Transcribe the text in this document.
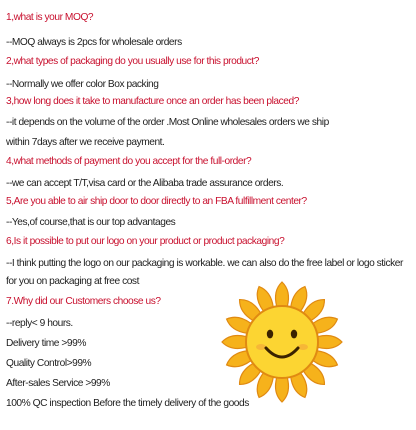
1,what is your MOQ?
--MOQ always is 2pcs for wholesale orders
2,what types of packaging do you usually use for this product?
--Normally we offer color Box packing
3,how long does it take to manufacture once an order has been placed?
--it depends on the volume of the order .Most Online wholesales orders we ship
within 7days after we receive payment.
4,what methods of payment do you accept for the full-order?
--we can accept T/T,visa card or the Alibaba trade assurance orders.
5,Are you able to air ship door to door directly to an FBA fulfillment center?
--Yes,of course,that is our top advantages
6,Is it possible to put our logo on your product or product packaging?
--I think putting the logo on our packaging is workable. we can also do the free label or logo sticker
for you on packaging at free cost
7.Why did our Customers choose us?
--reply< 9 hours.
Delivery time >99%
Quality Control>99%
After-sales Service >99%
100% QC inspection Before the timely delivery of the goods
